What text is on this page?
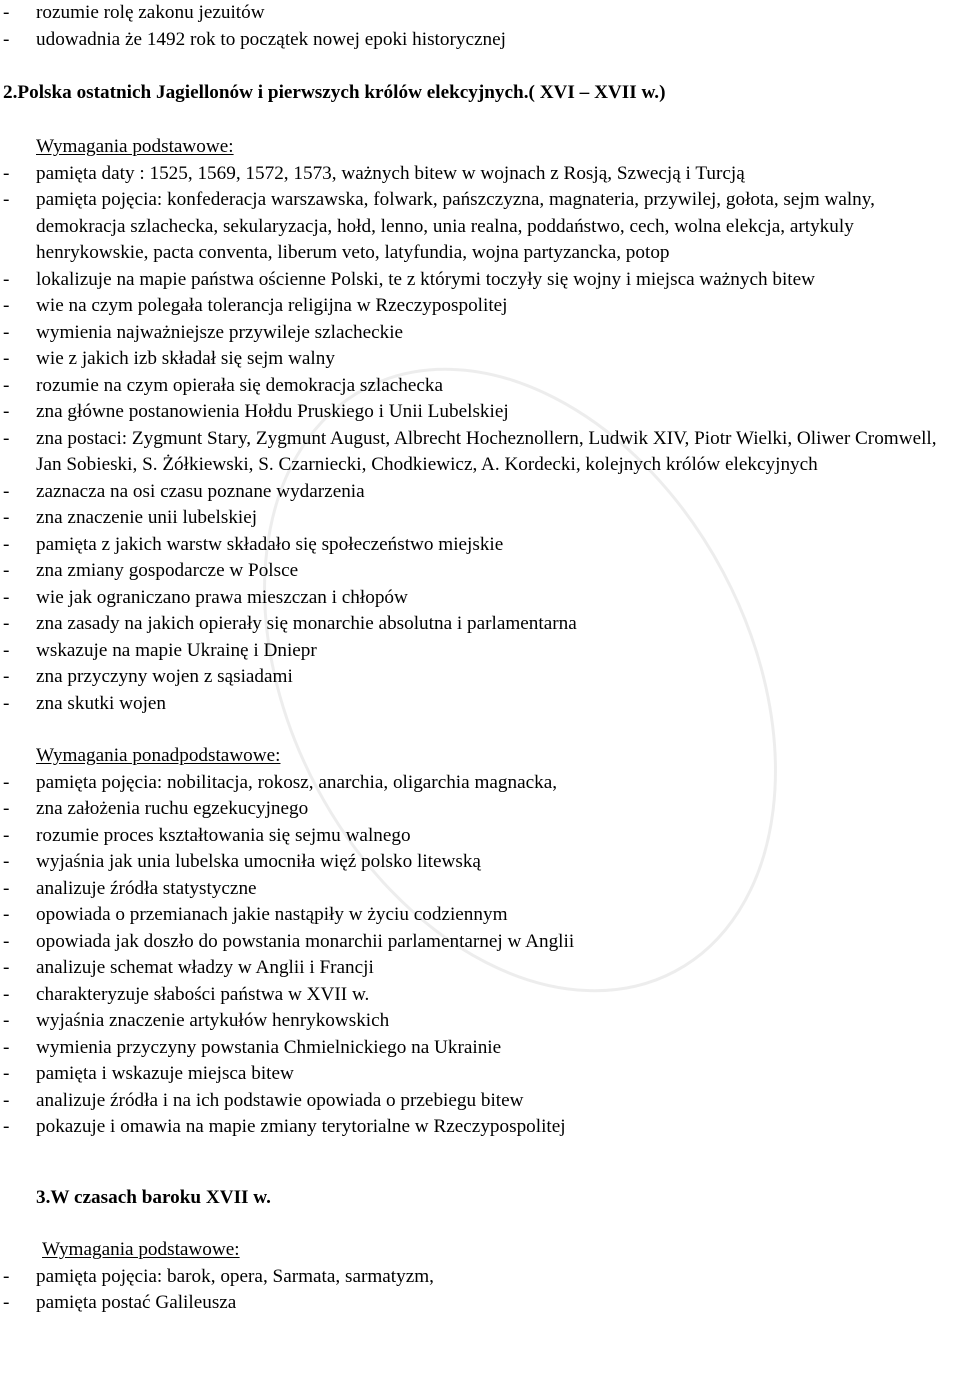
- rozumie rolę zakonu jezuitów

- udowadnia że 1492 rok to początek nowej epoki historycznej

2.Polska ostatnich Jagiellonów i pierwszych królów elekcyjnych.( XVI – XVII w.)

Wymagania podstawowe:

- pamięta daty : 1525, 1569, 1572, 1573, ważnych bitew w wojnach z Rosją, Szwecją i Turcją

- pamięta pojęcia: konfederacja warszawska, folwark, pańszczyzna, magnateria, przywilej, gołota, sejm walny, demokracja szlachecka, sekularyzacja, hołd, lenno, unia realna, poddaństwo, cech, wolna elekcja, artykuly henrykowskie, pacta conventa, liberum veto, latyfundia, wojna partyzancka, potop

- lokalizuje na mapie państwa ościenne Polski, te z którymi toczyły się wojny i miejsca ważnych bitew

- wie na czym polegała tolerancja religijna w Rzeczypospolitej

- wymienia najważniejsze przywileje szlacheckie

- wie z jakich izb składał się sejm walny

- rozumie na czym opierała się demokracja szlachecka

- zna główne postanowienia Hołdu Pruskiego i Unii Lubelskiej

- zna postaci: Zygmunt Stary, Zygmunt August, Albrecht Hocheznollern, Ludwik XIV, Piotr Wielki, Oliwer Cromwell, Jan Sobieski, S. Żółkiewski, S. Czarniecki, Chodkiewicz, A. Kordecki, kolejnych królów elekcyjnych

- zaznacza na osi czasu poznane wydarzenia

- zna znaczenie unii lubelskiej

- pamięta z jakich warstw składało się społeczeństwo miejskie

- zna zmiany gospodarcze w Polsce

- wie jak ograniczano prawa mieszczan i chłopów

- zna zasady na jakich opierały się monarchie absolutna i parlamentarna

- wskazuje na mapie Ukrainę i Dniepr

- zna przyczyny wojen z sąsiadami

- zna skutki wojen

Wymagania ponadpodstawowe:

- pamięta pojęcia: nobilitacja, rokosz, anarchia, oligarchia magnacka,

- zna założenia ruchu egzekucyjnego

- rozumie proces kształtowania się sejmu walnego

- wyjaśnia jak unia lubelska umocniła więź polsko litewską

- analizuje źródła statystyczne

- opowiada o przemianach jakie nastąpiły w życiu codziennym

- opowiada jak doszło do powstania monarchii parlamentarnej w Anglii

- analizuje schemat władzy w Anglii i Francji

- charakteryzuje słabości państwa w XVII w.

- wyjaśnia znaczenie artykułów henrykowskich

- wymienia przyczyny powstania Chmielnickiego na Ukrainie

- pamięta i wskazuje miejsca bitew

- analizuje źródła i na ich podstawie opowiada o przebiegu bitew

- pokazuje i omawia na mapie zmiany terytorialne w Rzeczypospolitej

3.W czasach baroku XVII w.

Wymagania podstawowe:

- pamięta pojęcia: barok, opera, Sarmata, sarmatyzm,

- pamięta postać Galileusza
